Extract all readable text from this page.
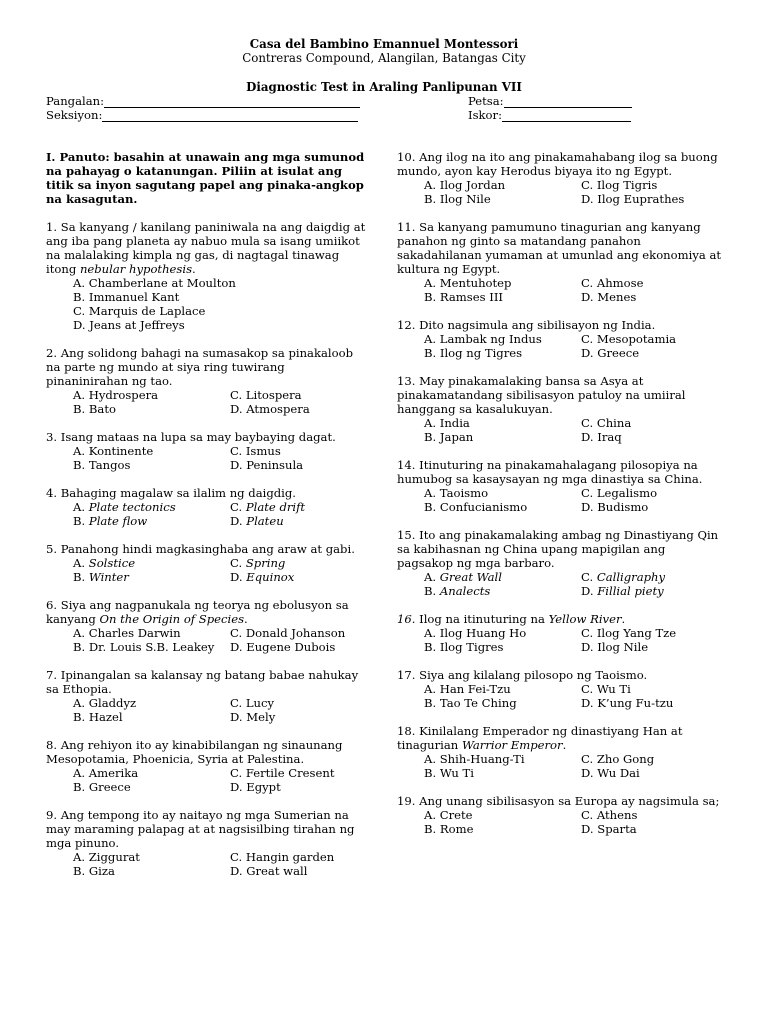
Casa del Bambino Emannuel Montessori
Contreras Compound, Alangilan, Batangas City
Diagnostic Test in Araling Panlipunan VII
Pangalan:
Seksiyon:
Petsa:
Iskor:
I. Panuto: basahin at unawain ang mga sumunod na pahayag o katanungan. Piliin at isulat ang titik sa inyon sagutang papel ang pinaka-angkop na kasagutan.
1. Sa kanyang / kanilang paniniwala na ang daigdig at ang iba pang planeta ay nabuo mula sa isang umiikot na malalaking kimpla ng gas, di nagtagal tinawag itong nebular hypothesis.
A. Chamberlane at Moulton
B. Immanuel Kant
C. Marquis de Laplace
D. Jeans at Jeffreys
2. Ang solidong bahagi na sumasakop sa pinakaloob na parte ng mundo at siya ring tuwirang pinaninirahan ng tao.
A. Hydrospera	C. Litospera
B. Bato	D. Atmospera
3. Isang mataas na lupa sa may baybaying dagat.
A. Kontinente	C. Ismus
B. Tangos	D. Peninsula
4. Bahaging magalaw sa ilalim ng daigdig.
A. Plate tectonics	C. Plate drift
B. Plate flow	D. Plateu
5. Panahong hindi magkasinghaba ang araw at gabi.
A. Solstice	C. Spring
B. Winter	D. Equinox
6. Siya ang nagpanukala ng teorya ng ebolusyon sa kanyang On the Origin of Species.
A. Charles Darwin	C. Donald Johanson
B. Dr. Louis S.B. Leakey	D. Eugene Dubois
7. Ipinangalan sa kalansay ng batang babae nahukay sa Ethopia.
A. Gladdyz	C. Lucy
B. Hazel	D. Mely
8. Ang rehiyon ito ay kinabibilangan ng sinaunang Mesopotamia, Phoenicia, Syria at Palestina.
A. Amerika	C. Fertile Cresent
B. Greece	D. Egypt
9. Ang tempong ito ay naitayo ng mga Sumerian na may maraming palapag at at nagsisilbing tirahan ng mga pinuno.
A. Ziggurat	C. Hangin garden
B. Giza	D. Great wall
10. Ang ilog na ito ang pinakamahabang ilog sa buong mundo, ayon kay Herodus biyaya ito ng Egypt.
A. Ilog Jordan	C. Ilog Tigris
B. Ilog Nile	D. Ilog Euprathes
11. Sa kanyang pamumuno tinagurian ang kanyang panahon ng ginto sa matandang panahon sakadahilanan yumaman at umunlad ang ekonomiya at kultura ng Egypt.
A. Mentuhotep	C. Ahmose
B. Ramses III	D. Menes
12. Dito nagsimula ang sibilisayon ng India.
A. Lambak ng Indus	C. Mesopotamia
B. Ilog ng Tigres	D. Greece
13. May pinakamalaking bansa sa Asya at pinakamatandang sibilisasyon patuloy na umiiral hanggang sa kasalukuyan.
A. India	C. China
B. Japan	D. Iraq
14. Itinuturing na pinakamahalagang pilosopiya na humubog sa kasaysayan ng mga dinastiya sa China.
A. Taoismo	C. Legalismo
B. Confucianismo	D. Budismo
15. Ito ang pinakamalaking ambag ng Dinastiyang Qin sa kabihasnan ng China upang mapigilan ang pagsakop ng mga barbaro.
A. Great Wall	C. Calligraphy
B. Analects	D. Fillial piety
16. Ilog na itinuturing na Yellow River.
A. Ilog Huang Ho	C. Ilog Yang Tze
B. Ilog Tigres	D. Ilog Nile
17. Siya ang kilalang pilosopo ng Taoismo.
A. Han Fei-Tzu	C. Wu Ti
B. Tao Te Ching	D. K’ung Fu-tzu
18. Kinilalang Emperador ng dinastiyang Han at tinagurian Warrior Emperor.
A. Shih-Huang-Ti	C. Zho Gong
B. Wu Ti	D. Wu Dai
19. Ang unang sibilisasyon sa Europa ay nagsimula sa;
A. Crete	C. Athens
B. Rome	D. Sparta
